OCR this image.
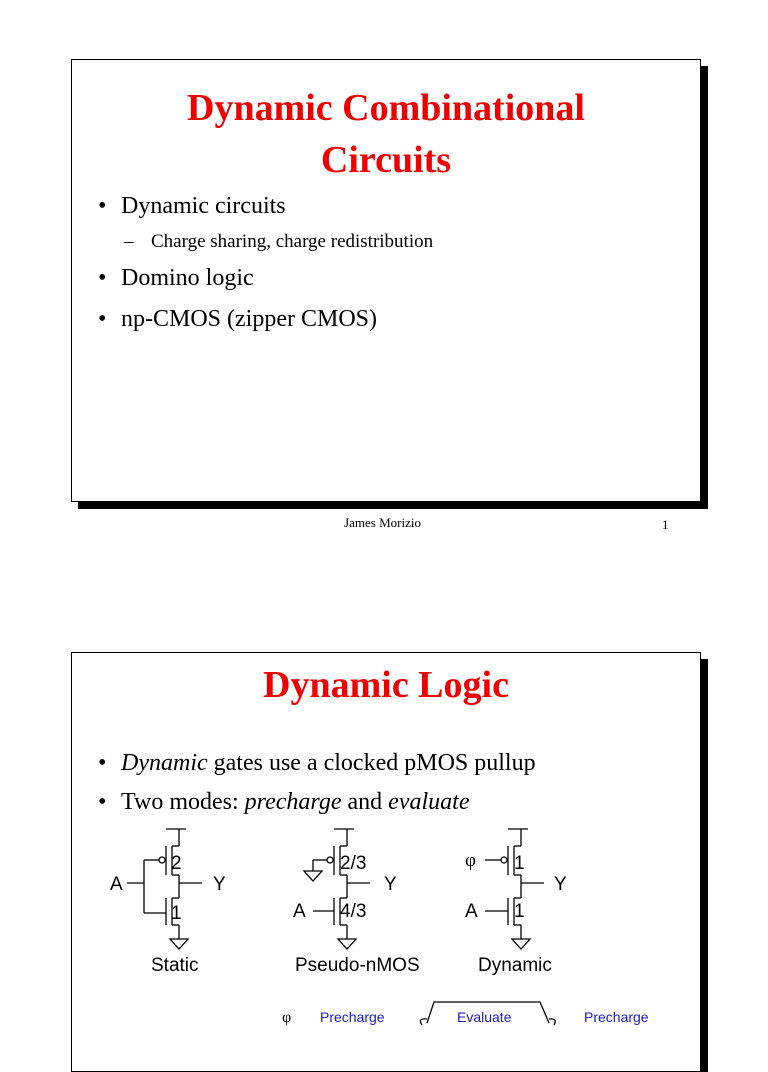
Dynamic Combinational
Circuits
• Dynamic circuits
– Charge sharing, charge redistribution
• Domino logic
• np-CMOS (zipper CMOS)
James Morizio	1
Dynamic Logic
• Dynamic gates use a clocked pMOS pullup
• Two modes: precharge and evaluate
2
1
A	Y
Static
2/3
4/3
A
Y
Pseudo-nMOS
1
1
φ
A
Y
Dynamic
φ Precharge	Evaluate	Precharge
